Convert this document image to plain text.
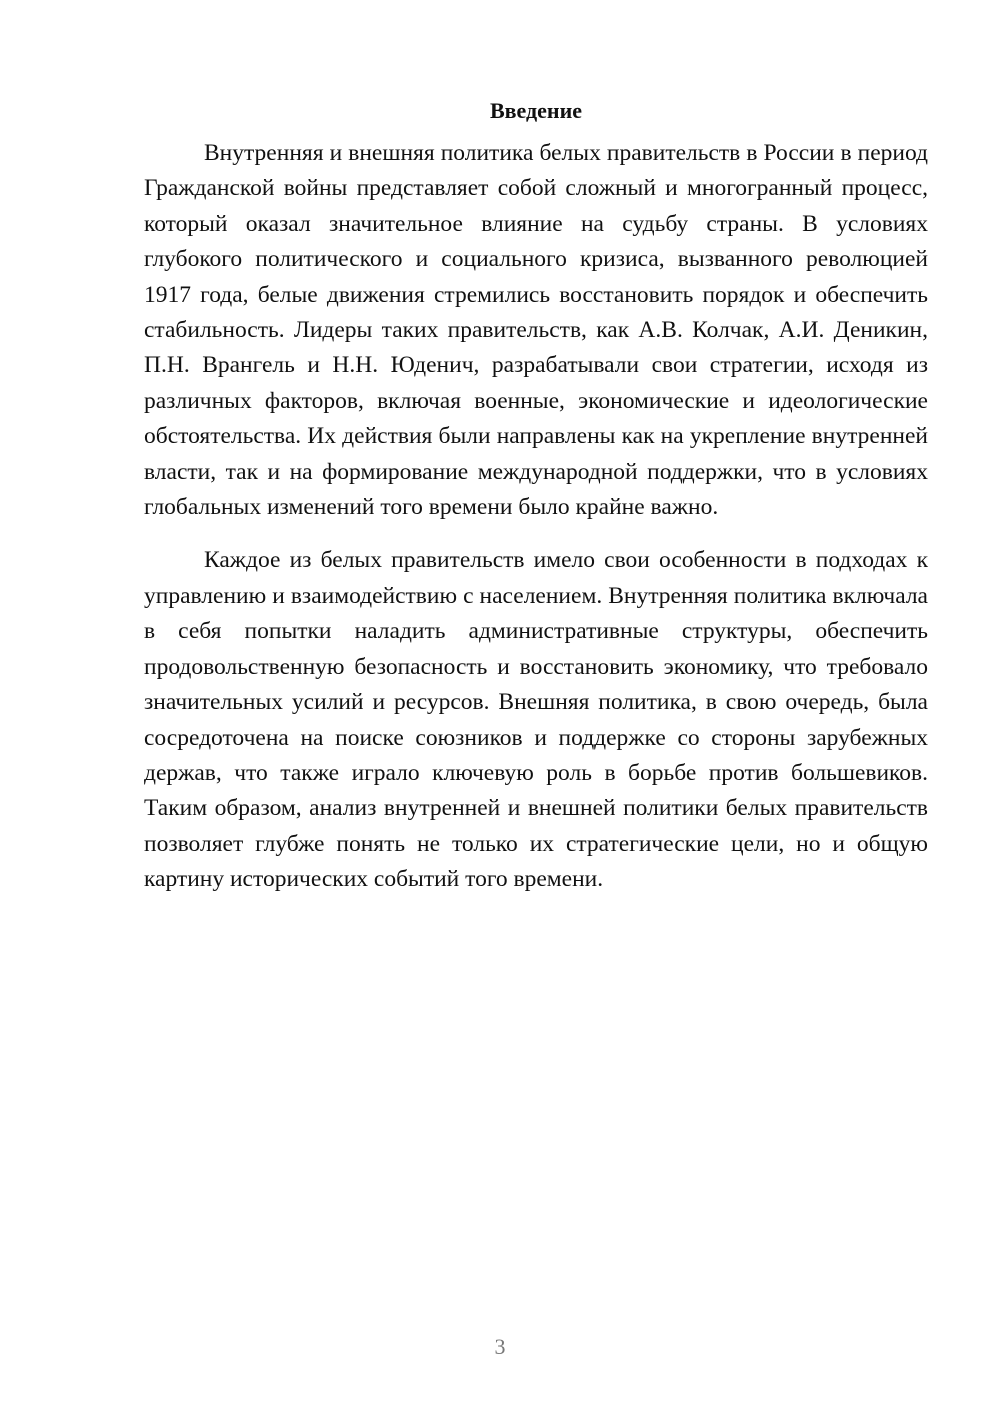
Введение

Внутренняя и внешняя политика белых правительств в России в период Гражданской войны представляет собой сложный и многогранный процесс, который оказал значительное влияние на судьбу страны. В условиях глубокого политического и социального кризиса, вызванного революцией 1917 года, белые движения стремились восстановить порядок и обеспечить стабильность. Лидеры таких правительств, как А.В. Колчак, А.И. Деникин, П.Н. Врангель и Н.Н. Юденич, разрабатывали свои стратегии, исходя из различных факторов, включая военные, экономические и идеологические обстоятельства. Их действия были направлены как на укрепление внутренней власти, так и на формирование международной поддержки, что в условиях глобальных изменений того времени было крайне важно.

Каждое из белых правительств имело свои особенности в подходах к управлению и взаимодействию с населением. Внутренняя политика включала в себя попытки наладить административные структуры, обеспечить продовольственную безопасность и восстановить экономику, что требовало значительных усилий и ресурсов. Внешняя политика, в свою очередь, была сосредоточена на поиске союзников и поддержке со стороны зарубежных держав, что также играло ключевую роль в борьбе против большевиков. Таким образом, анализ внутренней и внешней политики белых правительств позволяет глубже понять не только их стратегические цели, но и общую картину исторических событий того времени.

3
